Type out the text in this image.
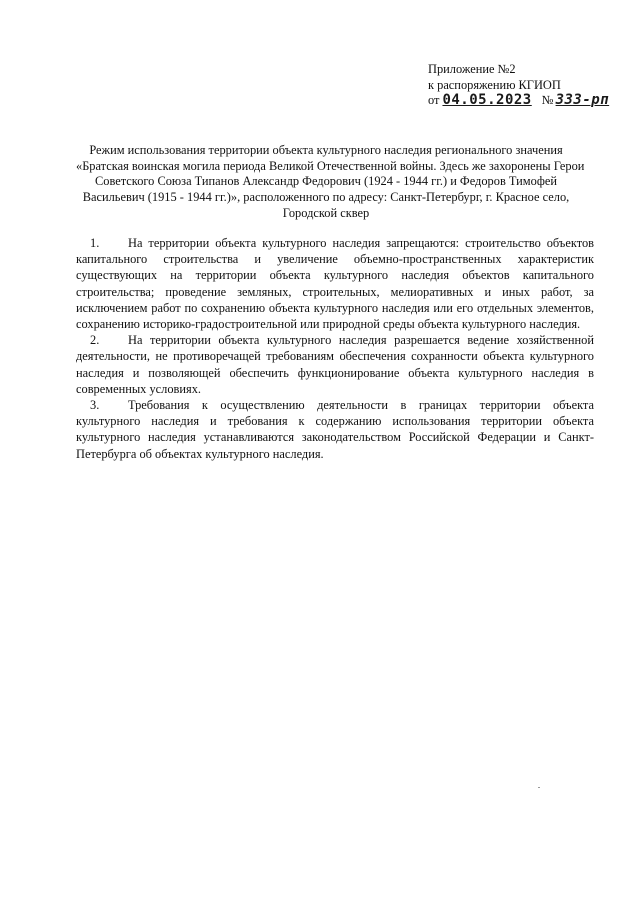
Приложение №2
к распоряжению КГИОП
от 04.05.2023 № 333-рп
Режим использования территории объекта культурного наследия регионального значения
«Братская воинская могила периода Великой Отечественной войны. Здесь же захоронены Герои
Советского Союза Типанов Александр Федорович (1924 - 1944 гг.) и Федоров Тимофей
Васильевич (1915 - 1944 гг.)», расположенного по адресу: Санкт-Петербург, г. Красное село,
Городской сквер
1. На территории объекта культурного наследия запрещаются: строительство объектов капитального строительства и увеличение объемно-пространственных характеристик существующих на территории объекта культурного наследия объектов капитального строительства; проведение земляных, строительных, мелиоративных и иных работ, за исключением работ по сохранению объекта культурного наследия или его отдельных элементов, сохранению историко-градостроительной или природной среды объекта культурного наследия.
2. На территории объекта культурного наследия разрешается ведение хозяйственной деятельности, не противоречащей требованиям обеспечения сохранности объекта культурного наследия и позволяющей обеспечить функционирование объекта культурного наследия в современных условиях.
3. Требования к осуществлению деятельности в границах территории объекта культурного наследия и требования к содержанию использования территории объекта культурного наследия устанавливаются законодательством Российской Федерации и Санкт-Петербурга об объектах культурного наследия.
